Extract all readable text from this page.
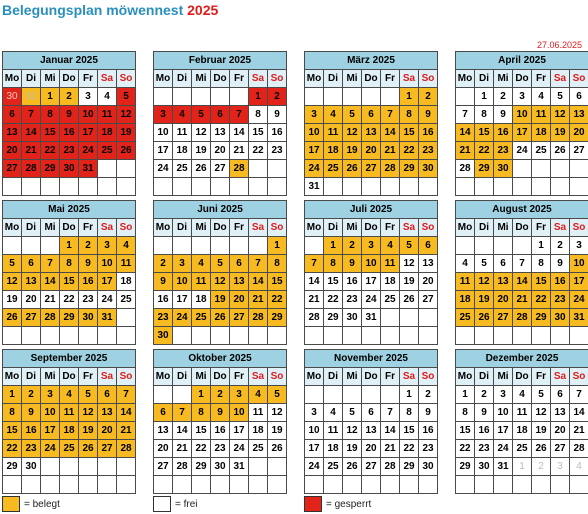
Belegungsplan möwennest 2025
27.06.2025
Januar 2025						
Mo	Di	Mi	Do	Fr	Sa	So
30	31	1	2	3	4	5
6	7	8	9	10	11	12
13	14	15	16	17	18	19
20	21	22	23	24	25	26
27	28	29	30	31		

Februar 2025						
Mo	Di	Mi	Do	Fr	Sa	So
					1	2
3	4	5	6	7	8	9
10	11	12	13	14	15	16
17	18	19	20	21	22	23
24	25	26	27	28		

März 2025						
Mo	Di	Mi	Do	Fr	Sa	So
					1	2
3	4	5	6	7	8	9
10	11	12	13	14	15	16
17	18	19	20	21	22	23
24	25	26	27	28	29	30
31						
April 2025						
Mo	Di	Mi	Do	Fr	Sa	So
	1	2	3	4	5	6
7	8	9	10	11	12	13
14	15	16	17	18	19	20
21	22	23	24	25	26	27
28	29	30				

Mai 2025						
Mo	Di	Mi	Do	Fr	Sa	So
			1	2	3	4
5	6	7	8	9	10	11
12	13	14	15	16	17	18
19	20	21	22	23	24	25
26	27	28	29	30	31	

Juni 2025						
Mo	Di	Mi	Do	Fr	Sa	So
						1
2	3	4	5	6	7	8
9	10	11	12	13	14	15
16	17	18	19	20	21	22
23	24	25	26	27	28	29
30						
Juli 2025						
Mo	Di	Mi	Do	Fr	Sa	So
	1	2	3	4	5	6
7	8	9	10	11	12	13
14	15	16	17	18	19	20
21	22	23	24	25	26	27
28	29	30	31			

August 2025						
Mo	Di	Mi	Do	Fr	Sa	So
				1	2	3
4	5	6	7	8	9	10
11	12	13	14	15	16	17
18	19	20	21	22	23	24
25	26	27	28	29	30	31

September 2025						
Mo	Di	Mi	Do	Fr	Sa	So
1	2	3	4	5	6	7
8	9	10	11	12	13	14
15	16	17	18	19	20	21
22	23	24	25	26	27	28
29	30					

Oktober 2025						
Mo	Di	Mi	Do	Fr	Sa	So
		1	2	3	4	5
6	7	8	9	10	11	12
13	14	15	16	17	18	19
20	21	22	23	24	25	26
27	28	29	30	31		

November 2025						
Mo	Di	Mi	Do	Fr	Sa	So
					1	2
3	4	5	6	7	8	9
10	11	12	13	14	15	16
17	18	19	20	21	22	23
24	25	26	27	28	29	30

Dezember 2025						
Mo	Di	Mi	Do	Fr	Sa	So
1	2	3	4	5	6	7
8	9	10	11	12	13	14
15	16	17	18	19	20	21
22	23	24	25	26	27	28
29	30	31	1	2	3	4

= belegt	= frei	= gesperrt
